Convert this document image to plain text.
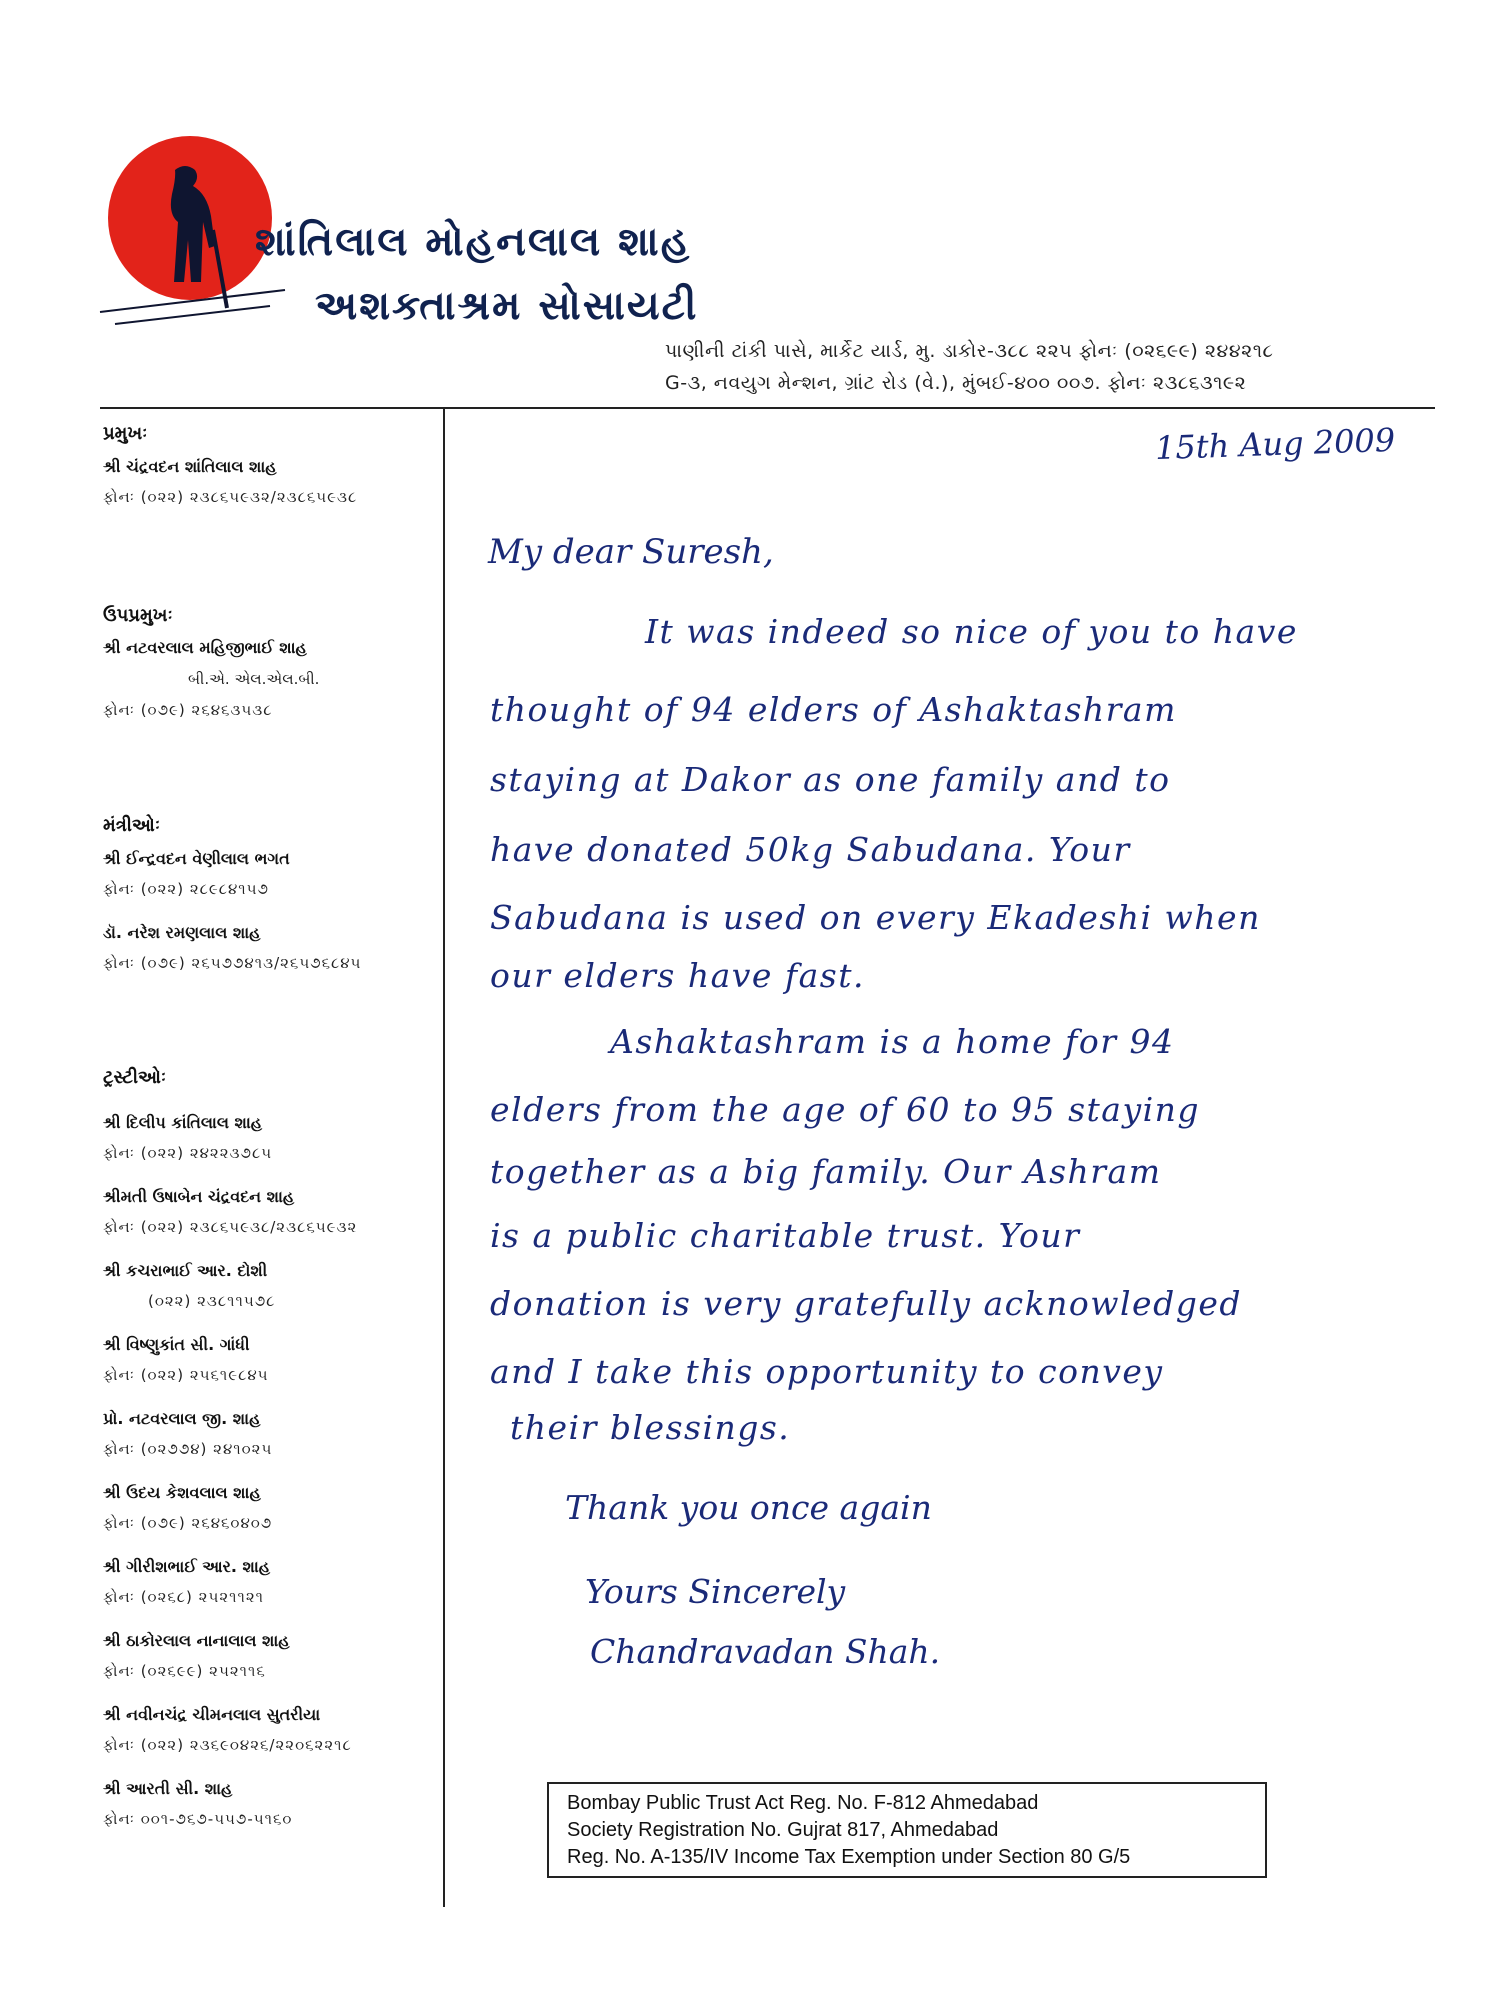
શાંતિલાલ મોહનલાલ શાહ
અશક્તાશ્રમ સોસાયટી
પાણીની ટાંકી પાસે, માર્કેટ યાર્ડ, મુ. ડાકોર-૩૮૮ ૨૨૫ ફોનઃ (૦૨૬૯૯) ૨૪૪૨૧૮
G-૩, નવયુગ મેન્શન, ગ્રાંટ રોડ (વે.), મુંબઈ-૪૦૦ ૦૦૭. ફોનઃ ૨૩૮૬૩૧૯૨
પ્રમુખઃ
શ્રી ચંદ્રવદન શાંતિલાલ શાહ
ફોનઃ (૦૨૨) ૨૩૮૬૫૯૩૨/૨૩૮૬૫૯૩૮
ઉપપ્રમુખઃ
શ્રી નટવરલાલ મહિજીભાઈ શાહ
બી.એ. એલ.એલ.બી.
ફોનઃ (૦૭૯) ૨૬૪૬૩૫૩૮
મંત્રીઓઃ
શ્રી ઈન્દ્રવદન વેણીલાલ ભગત
ફોનઃ (૦૨૨) ૨૮૯૮૪૧૫૭
ડૉ. નરેશ રમણલાલ શાહ
ફોનઃ (૦૭૯) ૨૬૫૭૭૪૧૩/૨૬૫૭૬૮૪૫
ટ્રસ્ટીઓઃ
શ્રી દિલીપ કાંતિલાલ શાહ
ફોનઃ (૦૨૨) ૨૪૨૨૩૭૮૫
શ્રીમતી ઉષાબેન ચંદ્રવદન શાહ
ફોનઃ (૦૨૨) ૨૩૮૬૫૯૩૮/૨૩૮૬૫૯૩૨
શ્રી કચરાભાઈ આર. દોશી
(૦૨૨) ૨૩૮૧૧૫૭૮
શ્રી વિષ્ણુકાંત સી. ગાંધી
ફોનઃ (૦૨૨) ૨૫૬૧૯૮૪૫
પ્રો. નટવરલાલ જી. શાહ
ફોનઃ (૦૨૭૭૪) ૨૪૧૦૨૫
શ્રી ઉદય કેશવલાલ શાહ
ફોનઃ (૦૭૯) ૨૬૪૬૦૪૦૭
શ્રી ગીરીશભાઈ આર. શાહ
ફોનઃ (૦૨૬૮) ૨૫૨૧૧૨૧
શ્રી ઠાકોરલાલ નાનાલાલ શાહ
ફોનઃ (૦૨૬૯૯) ૨૫૨૧૧૬
શ્રી નવીનચંદ્ર ચીમનલાલ સુતરીયા
ફોનઃ (૦૨૨) ૨૩૬૯૦૪૨૬/૨૨૦૬૨૨૧૮
શ્રી આરતી સી. શાહ
ફોનઃ ૦૦૧-૭૬૭-૫૫૭-૫૧૬૦
15th Aug 2009
My dear Suresh,
It was indeed so nice of you to have
thought of 94 elders of Ashaktashram
staying at Dakor as one family and to
have donated 50kg Sabudana. Your
Sabudana is used on every Ekadeshi when
our elders have fast.
Ashaktashram is a home for 94
elders from the age of 60 to 95 staying
together as a big family. Our Ashram
is a public charitable trust. Your
donation is very gratefully acknowledged
and I take this opportunity to convey
their blessings.
Thank you once again
Yours Sincerely
Chandravadan Shah.
Bombay Public Trust Act Reg. No. F-812 Ahmedabad
Society Registration No. Gujrat 817, Ahmedabad
Reg. No. A-135/IV Income Tax Exemption under Section 80 G/5
